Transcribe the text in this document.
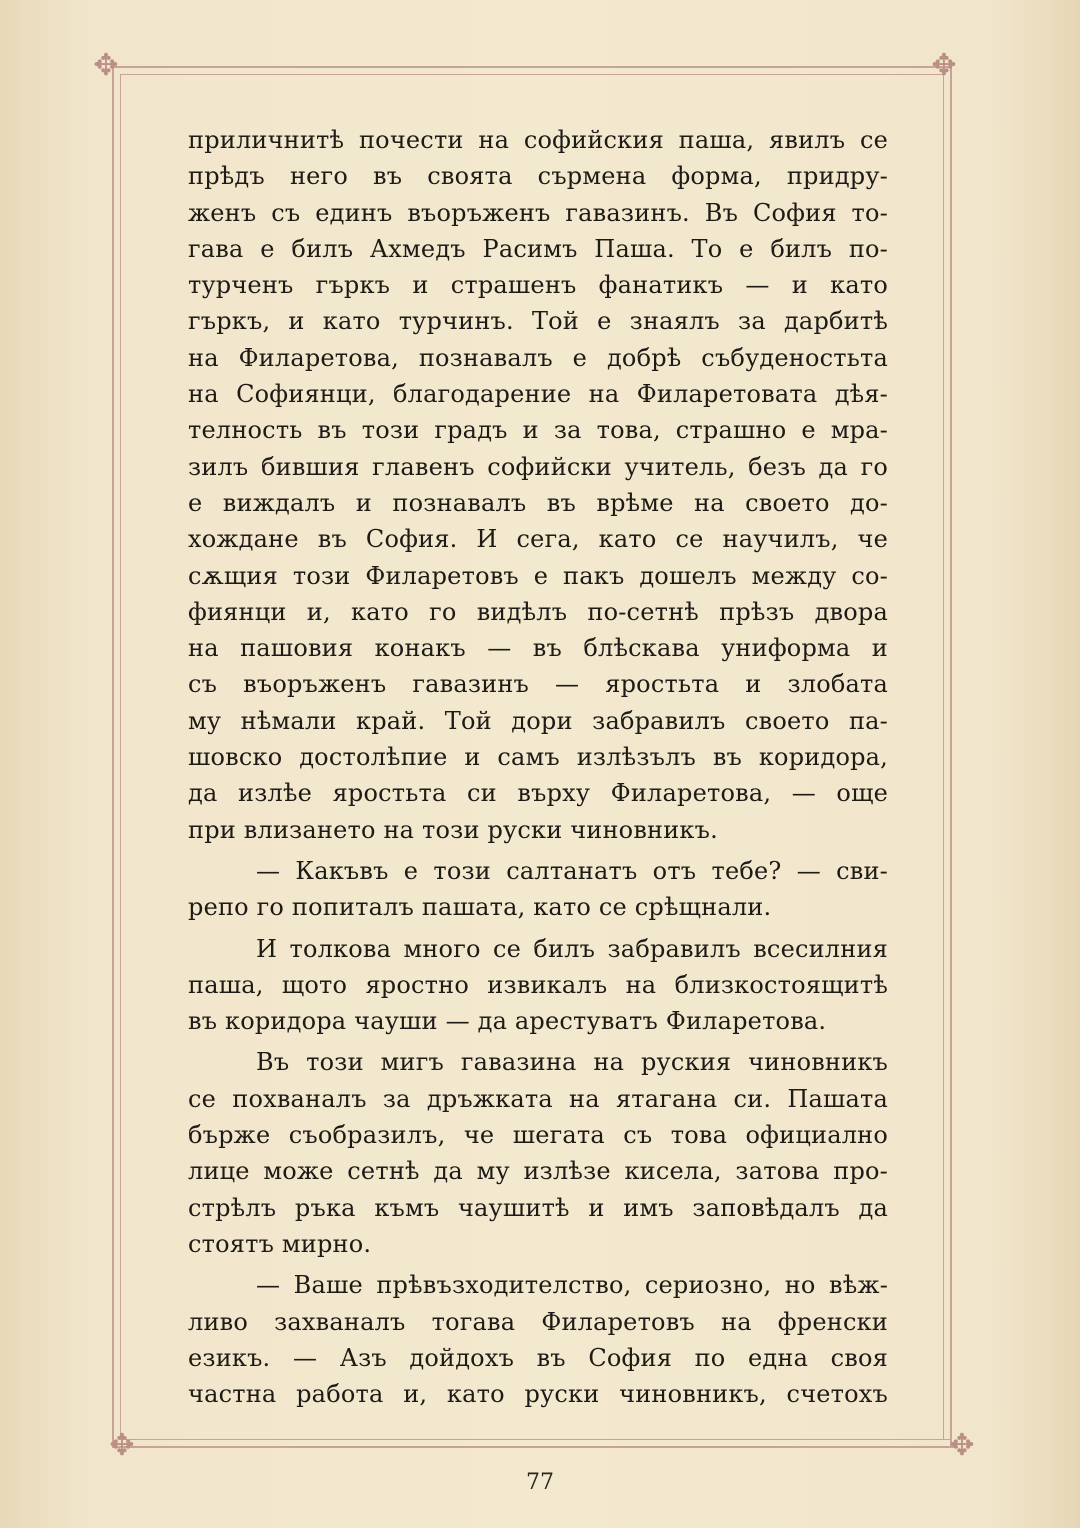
✥	✥
✥	✥
приличнитѣ почести на софийския паша, явилъ се
прѣдъ него въ своята сърмена форма, придру-
женъ съ единъ въоръженъ гавазинъ. Въ София то-
гава е билъ Ахмедъ Расимъ Паша. То е билъ по-
турченъ гъркъ и страшенъ фанатикъ — и като
гъркъ, и като турчинъ. Той е знаялъ за дарбитѣ
на Филаретова, познавалъ е добрѣ събуденостьта
на Софиянци, благодарение на Филаретовата дѣя-
телность въ този градъ и за това, страшно е мра-
зилъ бившия главенъ софийски учитель, безъ да го
е виждалъ и познавалъ въ врѣме на своето до-
хождане въ София. И сега, като се научилъ, че
сѫщия този Филаретовъ е пакъ дошелъ между со-
фиянци и, като го видѣлъ по-сетнѣ прѣзъ двора
на пашовия конакъ — въ блѣскава униформа и
съ въоръженъ гавазинъ — яростьта и злобата
му нѣмали край. Той дори забравилъ своето па-
шовско достолѣпие и самъ излѣзълъ въ коридора,
да излѣе яростьта си върху Филаретова, — още
при влизането на този руски чиновникъ.
— Какъвъ е този салтанатъ отъ тебе? — сви-
репо го попиталъ пашата, като се срѣщнали.
И толкова много се билъ забравилъ всесилния
паша, щото яростно извикалъ на близкостоящитѣ
въ коридора чауши — да арестуватъ Филаретова.
Въ този мигъ гавазина на руския чиновникъ
се похваналъ за дръжката на ятагана си. Пашата
бърже съобразилъ, че шегата съ това официално
лице може сетнѣ да му излѣзе кисела, затова про-
стрѣлъ ръка къмъ чаушитѣ и имъ заповѣдалъ да
стоятъ мирно.
— Ваше прѣвъзходителство, сериозно, но вѣж-
ливо захваналъ тогава Филаретовъ на френски
езикъ. — Азъ дойдохъ въ София по една своя
частна работа и, като руски чиновникъ, счетохъ
77
